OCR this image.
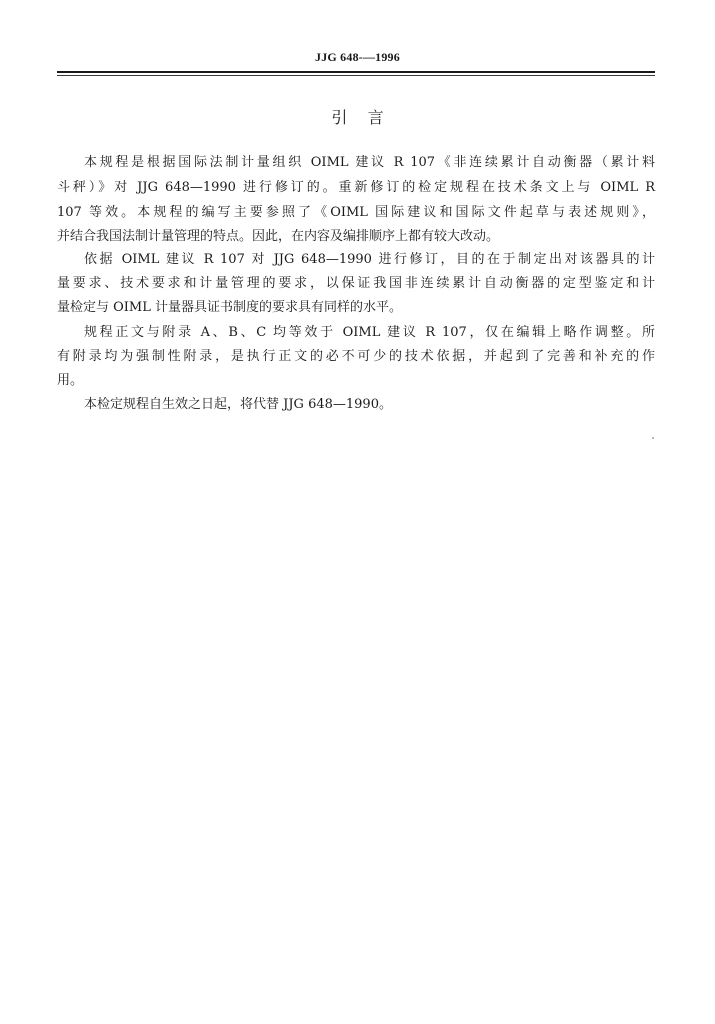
JJG 648-—1996
引    言
本规程是根据国际法制计量组织 OIML 建议 R 107《非连续累计自动衡器（累计料
斗秤）》对 JJG 648—1990 进行修订的。重新修订的检定规程在技术条文上与 OIML R
107 等效。本规程的编写主要参照了《OIML 国际建议和国际文件起草与表述规则》，
并结合我国法制计量管理的特点。因此，在内容及编排顺序上都有较大改动。
依据 OIML 建议 R 107 对 JJG 648—1990 进行修订，目的在于制定出对该器具的计
量要求、技术要求和计量管理的要求，以保证我国非连续累计自动衡器的定型鉴定和计
量检定与 OIML 计量器具证书制度的要求具有同样的水平。
规程正文与附录 A、B、C 均等效于 OIML 建议 R 107，仅在编辑上略作调整。所
有附录均为强制性附录，是执行正文的必不可少的技术依据，并起到了完善和补充的作
用。
本检定规程自生效之日起，将代替 JJG 648—1990。
